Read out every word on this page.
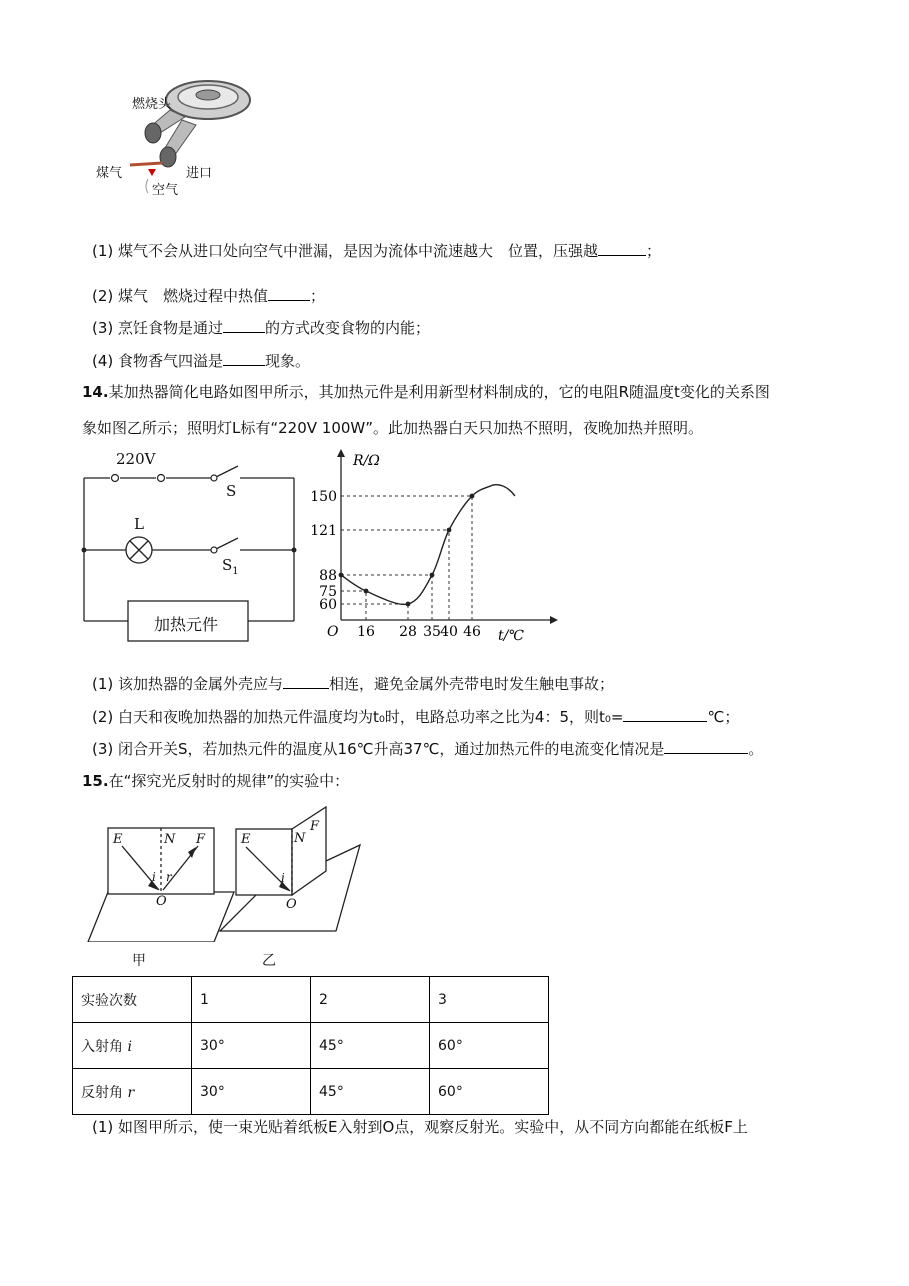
燃烧头
煤气	进口
空气
(1) 煤气不会从进口处向空气中泄漏，是因为流体中流速越大　位置，压强越	；
(2) 煤气　燃烧过程中热值	；
(3) 烹饪食物是通过	的方式改变食物的内能；
(4) 食物香气四溢是	现象。
14.某加热器简化电路如图甲所示，其加热元件是利用新型材料制成的，它的电阻R随温度t变化的关系图
象如图乙所示；照明灯L标有“220V 100W”。此加热器白天只加热不照明，夜晚加热并照明。
220V
S
L
$S_1$
加热元件	16 28 35 40 46
60
75
88
121
150
O
R/Ω
t/℃
(1) 该加热器的金属外壳应与	相连，避免金属外壳带电时发生触电事故；
(2) 白天和夜晚加热器的加热元件温度均为t₀时，电路总功率之比为4：5，则t₀=	℃；
(3) 闭合开关S，若加热元件的温度从16℃升高37℃，通过加热元件的电流变化情况是	。
15.在“探究光反射时的规律”的实验中：
E	N F
i r
O
E	N
F
i
O
甲	乙
实验次数	1	2	3
入射角 i	30°	45°	60°
反射角 r	30°	45°	60°
(1) 如图甲所示，使一束光贴着纸板E入射到O点，观察反射光。实验中，从不同方向都能在纸板F上
